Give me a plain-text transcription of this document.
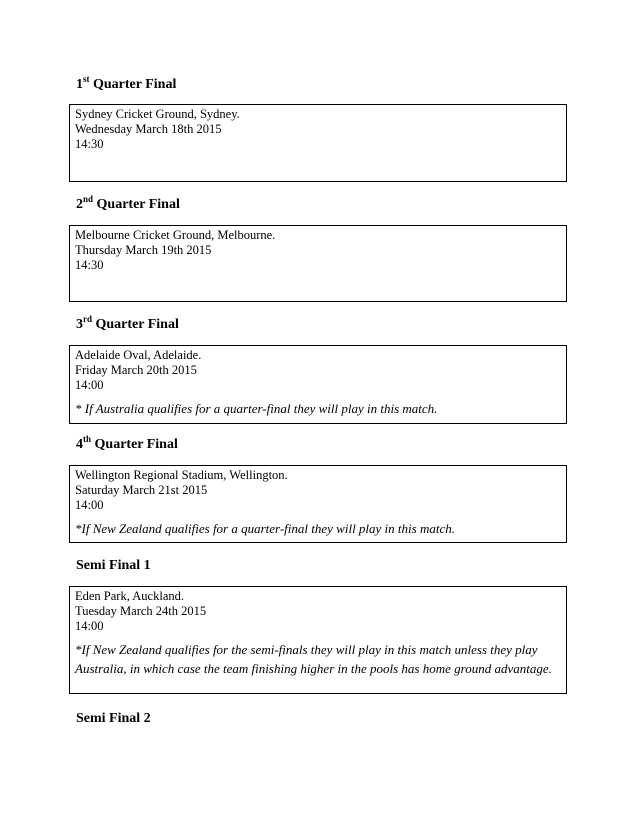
1st Quarter Final
Sydney Cricket Ground, Sydney.
Wednesday March 18th 2015
14:30
2nd Quarter Final
Melbourne Cricket Ground, Melbourne.
Thursday March 19th 2015
14:30
3rd Quarter Final
Adelaide Oval, Adelaide.
Friday March 20th 2015
14:00
* If Australia qualifies for a quarter-final they will play in this match.
4th Quarter Final
Wellington Regional Stadium, Wellington.
Saturday March 21st 2015
14:00
*If New Zealand qualifies for a quarter-final they will play in this match.
Semi Final 1
Eden Park, Auckland.
Tuesday March 24th 2015
14:00
*If New Zealand qualifies for the semi-finals they will play in this match unless they play Australia, in which case the team finishing higher in the pools has home ground advantage.
Semi Final 2
